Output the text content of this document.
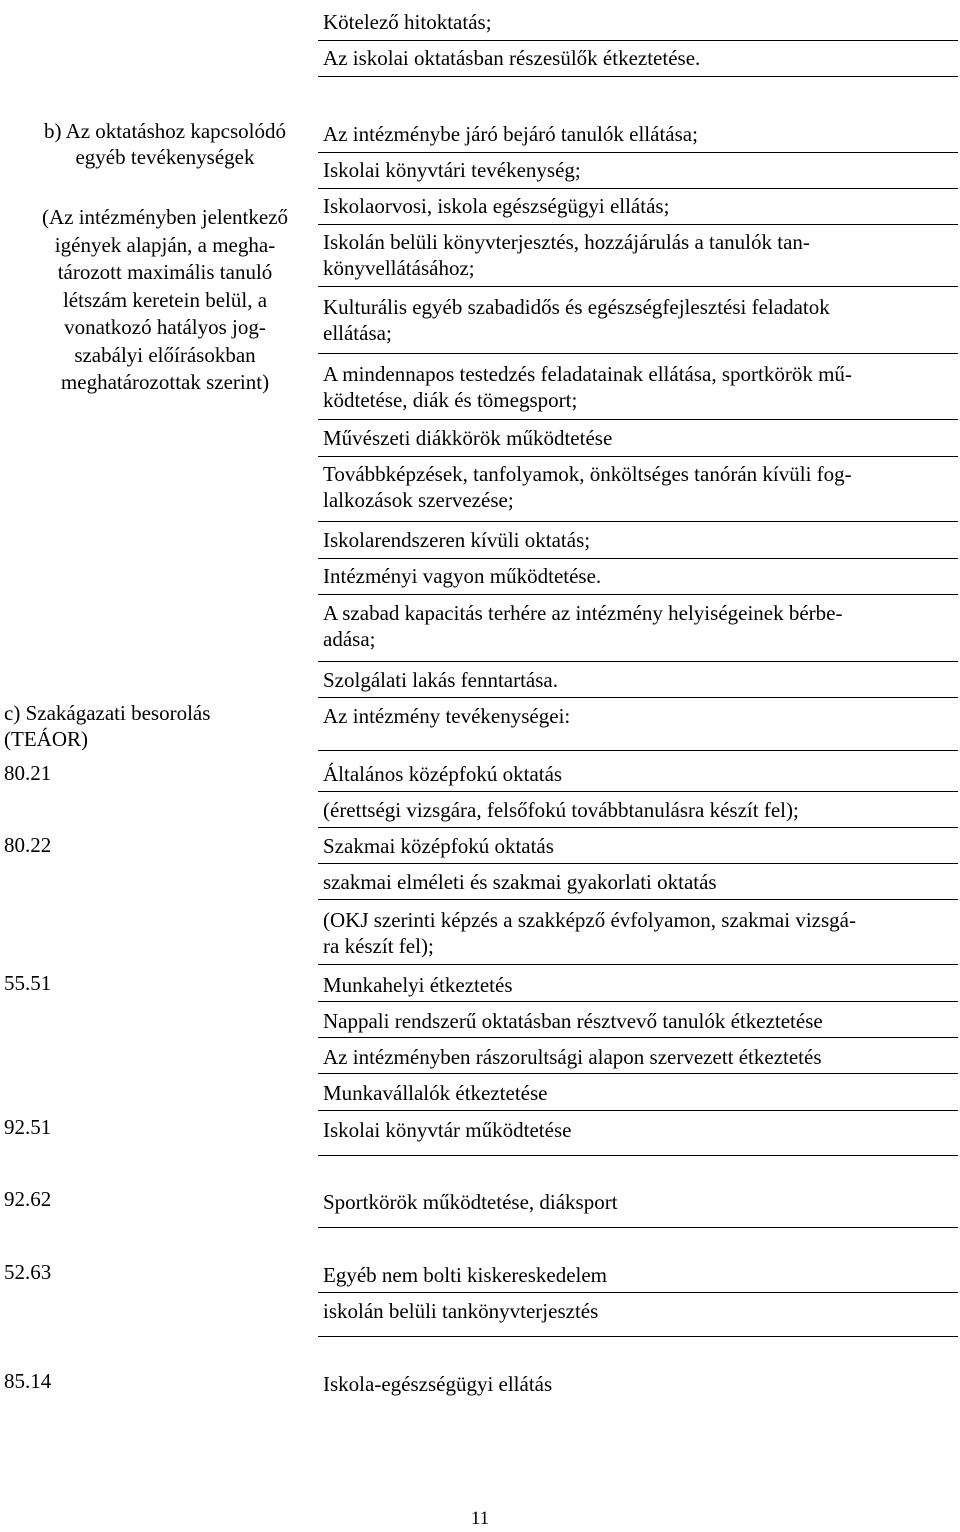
Kötelező hitoktatás;
Az iskolai oktatásban részesülők étkeztetése.
b) Az oktatáshoz kapcsolódó
egyéb tevékenységek
(Az intézményben jelentkező
igények alapján, a megha-
tározott maximális tanuló
létszám keretein belül, a
vonatkozó hatályos jog-
szabályi előírásokban
meghatározottak szerint)
Az intézménybe járó bejáró tanulók ellátása;
Iskolai könyvtári tevékenység;
Iskolaorvosi, iskola egészségügyi ellátás;
Iskolán belüli könyvterjesztés, hozzájárulás a tanulók tan-
könyvellátásához;
Kulturális egyéb szabadidős és egészségfejlesztési feladatok
ellátása;
A mindennapos testedzés feladatainak ellátása, sportkörök mű-
ködtetése, diák és tömegsport;
Művészeti diákkörök működtetése
Továbbképzések, tanfolyamok, önköltséges tanórán kívüli fog-
lalkozások szervezése;
Iskolarendszeren kívüli oktatás;
Intézményi vagyon működtetése.
A szabad kapacitás terhére az intézmény helyiségeinek bérbe-
adása;
Szolgálati lakás fenntartása.
c) Szakágazati besorolás
(TEÁOR)
Az intézmény tevékenységei:
80.21	Általános középfokú oktatás
(érettségi vizsgára, felsőfokú továbbtanulásra készít fel);
80.22	Szakmai középfokú oktatás
szakmai elméleti és szakmai gyakorlati oktatás
(OKJ szerinti képzés a szakképző évfolyamon, szakmai vizsgá-
ra készít fel);
55.51	Munkahelyi étkeztetés
Nappali rendszerű oktatásban résztvevő tanulók étkeztetése
Az intézményben rászorultsági alapon szervezett étkeztetés
Munkavállalók étkeztetése
92.51	Iskolai könyvtár működtetése
92.62	Sportkörök működtetése, diáksport
52.63	Egyéb nem bolti kiskereskedelem
iskolán belüli tankönyvterjesztés
85.14	Iskola-egészségügyi ellátás
11
